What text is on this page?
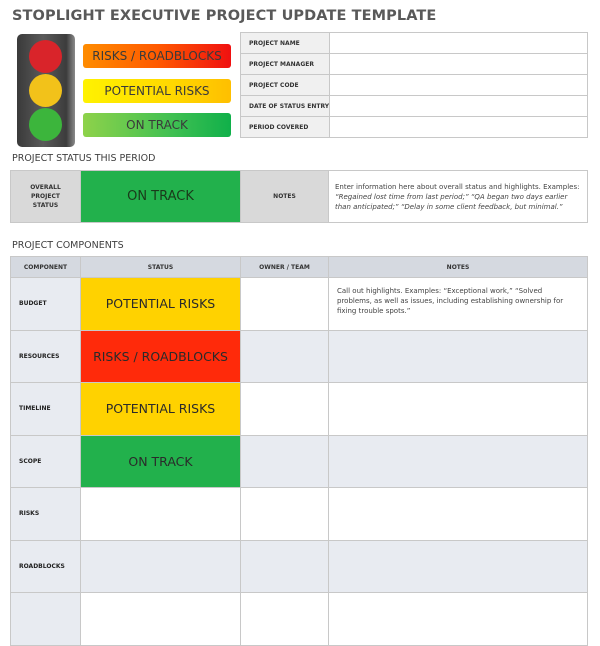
STOPLIGHT EXECUTIVE PROJECT UPDATE TEMPLATE
RISKS / ROADBLOCKS
POTENTIAL RISKS
ON TRACK
PROJECT NAME	
PROJECT MANAGER	
PROJECT CODE	
DATE OF STATUS ENTRY	
PERIOD COVERED	
PROJECT STATUS THIS PERIOD
OVERALL
PROJECT
STATUS
	ON TRACK	NOTES	Enter information here about overall status and highlights. Examples: “Regained lost time from last period;” “QA began two days earlier than anticipated;” “Delay in some client feedback, but minimal.”
PROJECT COMPONENTS
COMPONENT	STATUS	OWNER / TEAM	NOTES
BUDGET	POTENTIAL RISKS		Call out highlights. Examples: “Exceptional work,” “Solved problems, as well as issues, including establishing ownership for fixing trouble spots.”
RESOURCES	RISKS / ROADBLOCKS		
TIMELINE	POTENTIAL RISKS		
SCOPE	ON TRACK		
RISKS			
ROADBLOCKS			
